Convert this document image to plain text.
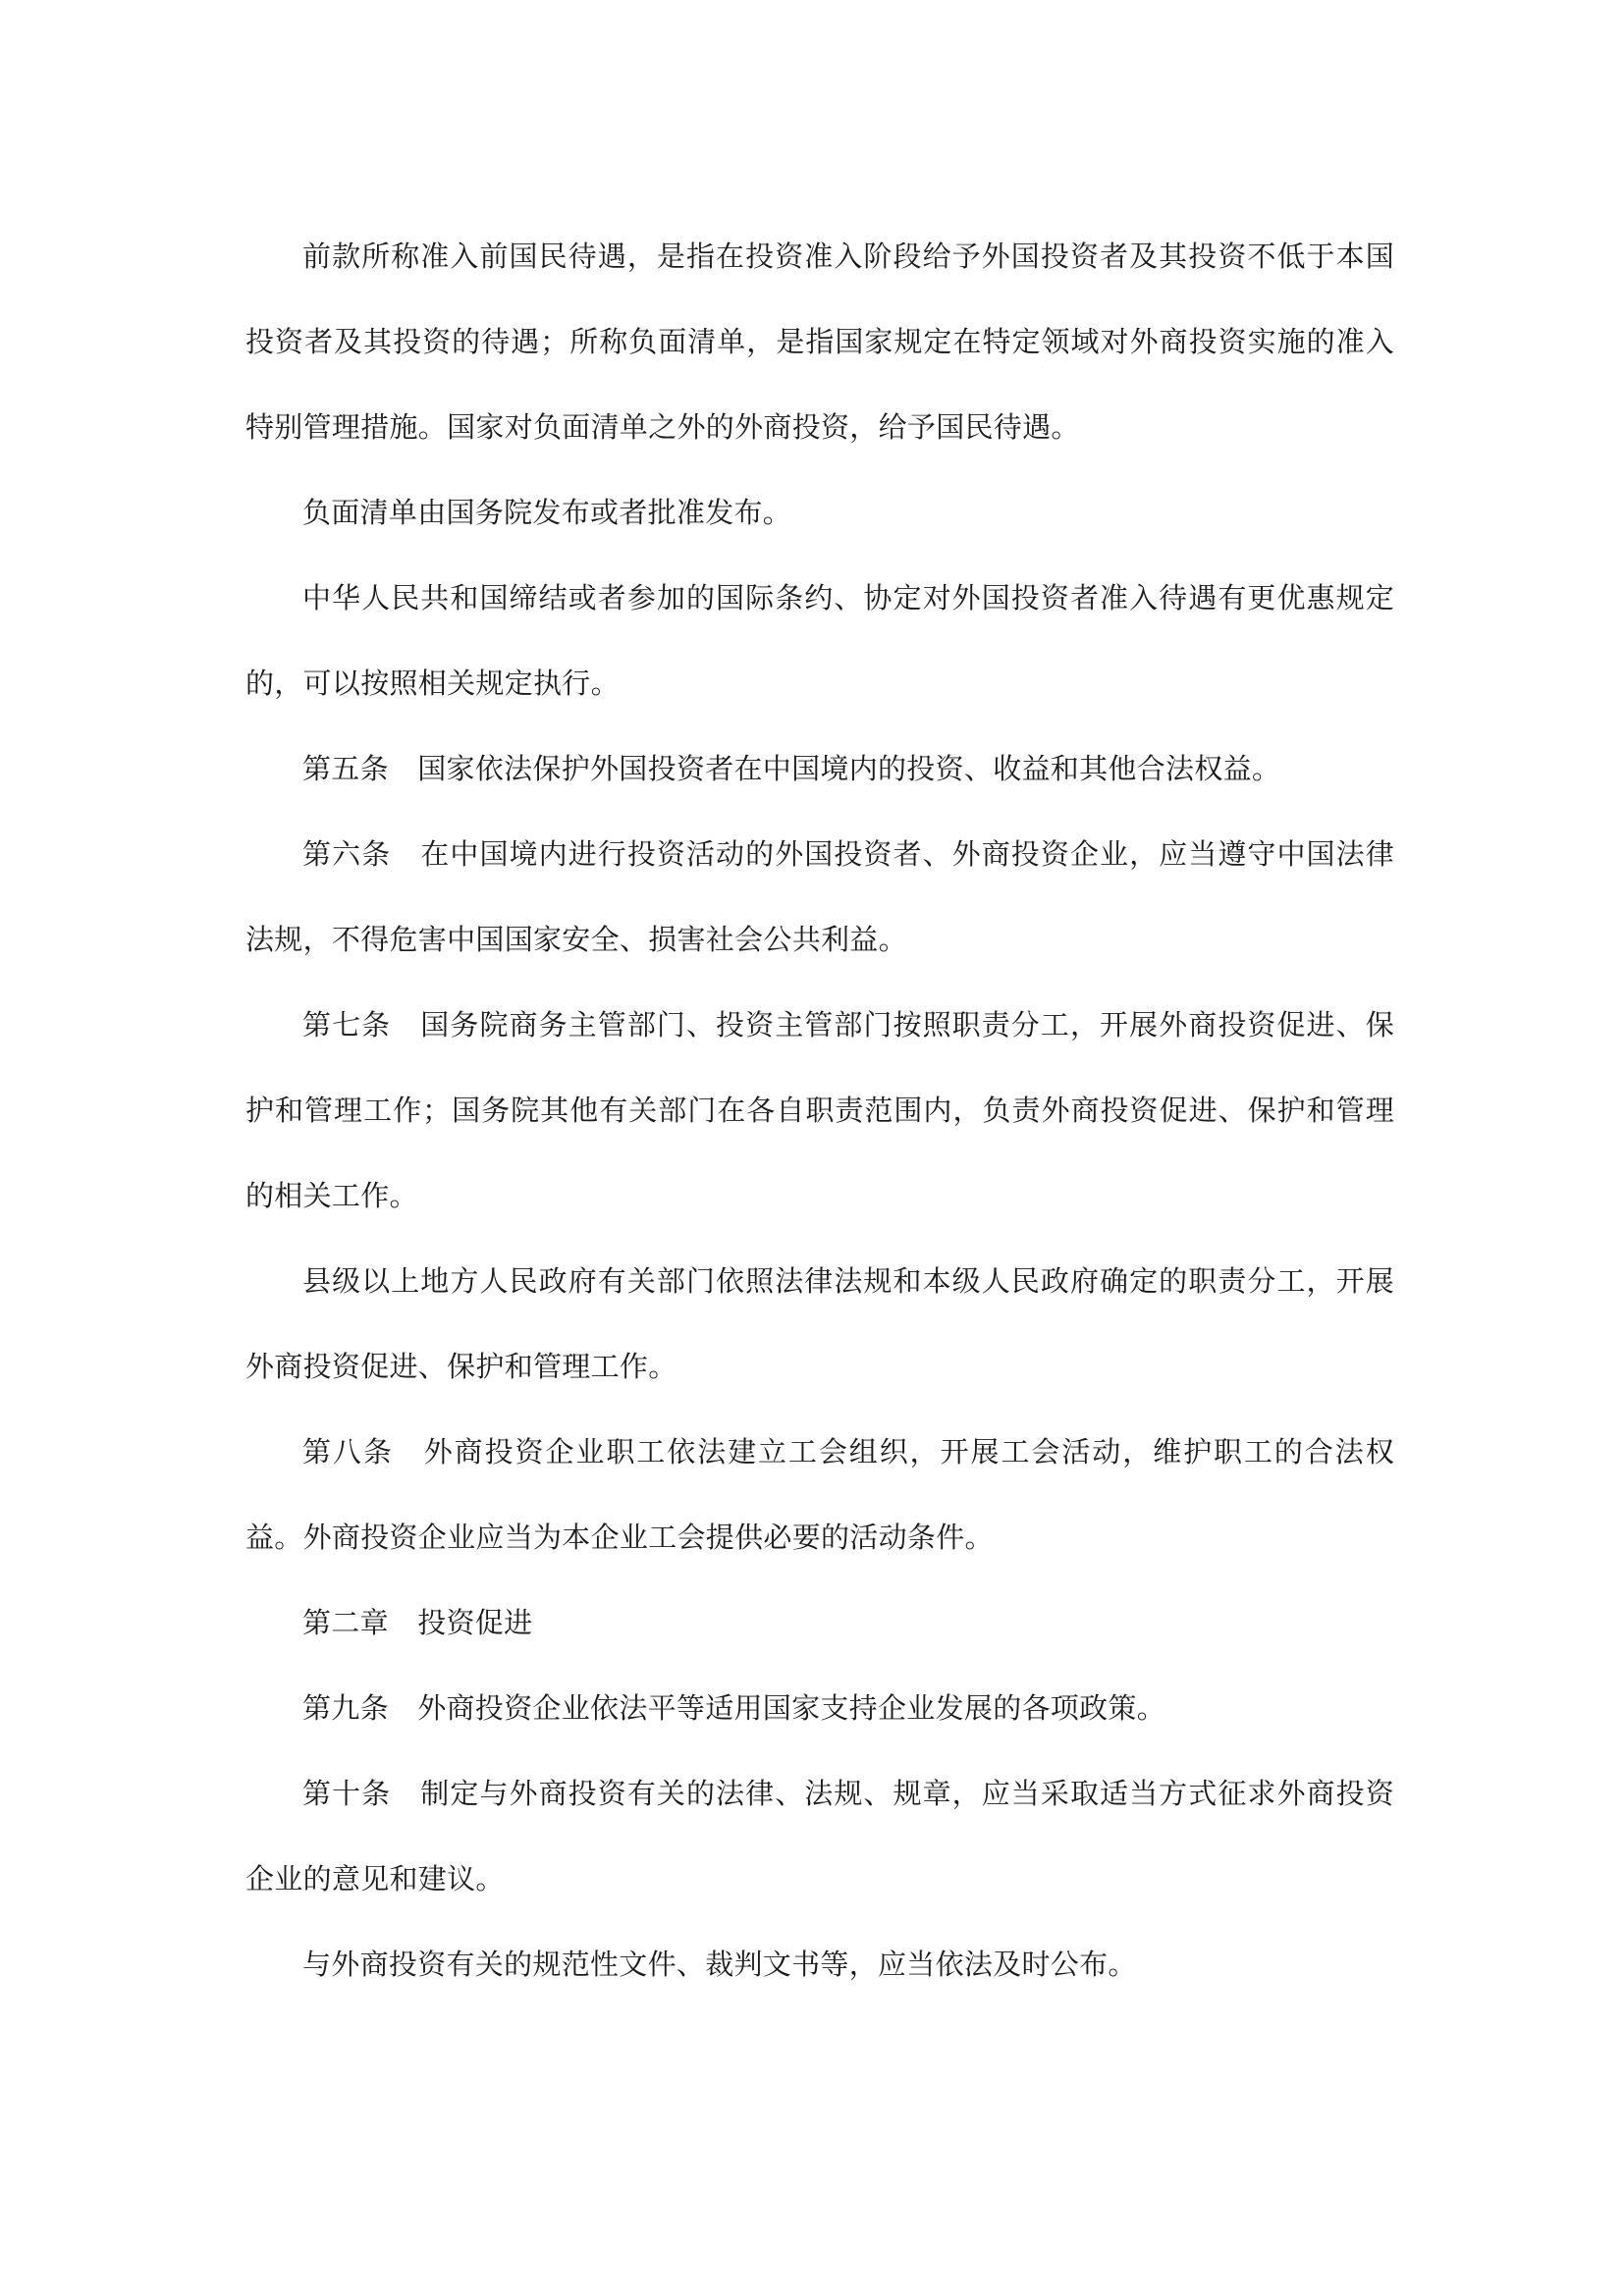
前款所称准入前国民待遇，是指在投资准入阶段给予外国投资者及其投资不低于本国投资者及其投资的待遇；所称负面清单，是指国家规定在特定领域对外商投资实施的准入特别管理措施。国家对负面清单之外的外商投资，给予国民待遇。

负面清单由国务院发布或者批准发布。

中华人民共和国缔结或者参加的国际条约、协定对外国投资者准入待遇有更优惠规定的，可以按照相关规定执行。

第五条　国家依法保护外国投资者在中国境内的投资、收益和其他合法权益。

第六条　在中国境内进行投资活动的外国投资者、外商投资企业，应当遵守中国法律法规，不得危害中国国家安全、损害社会公共利益。

第七条　国务院商务主管部门、投资主管部门按照职责分工，开展外商投资促进、保护和管理工作；国务院其他有关部门在各自职责范围内，负责外商投资促进、保护和管理的相关工作。

县级以上地方人民政府有关部门依照法律法规和本级人民政府确定的职责分工，开展外商投资促进、保护和管理工作。

第八条　外商投资企业职工依法建立工会组织，开展工会活动，维护职工的合法权益。外商投资企业应当为本企业工会提供必要的活动条件。

第二章　投资促进

第九条　外商投资企业依法平等适用国家支持企业发展的各项政策。

第十条　制定与外商投资有关的法律、法规、规章，应当采取适当方式征求外商投资企业的意见和建议。

与外商投资有关的规范性文件、裁判文书等，应当依法及时公布。
